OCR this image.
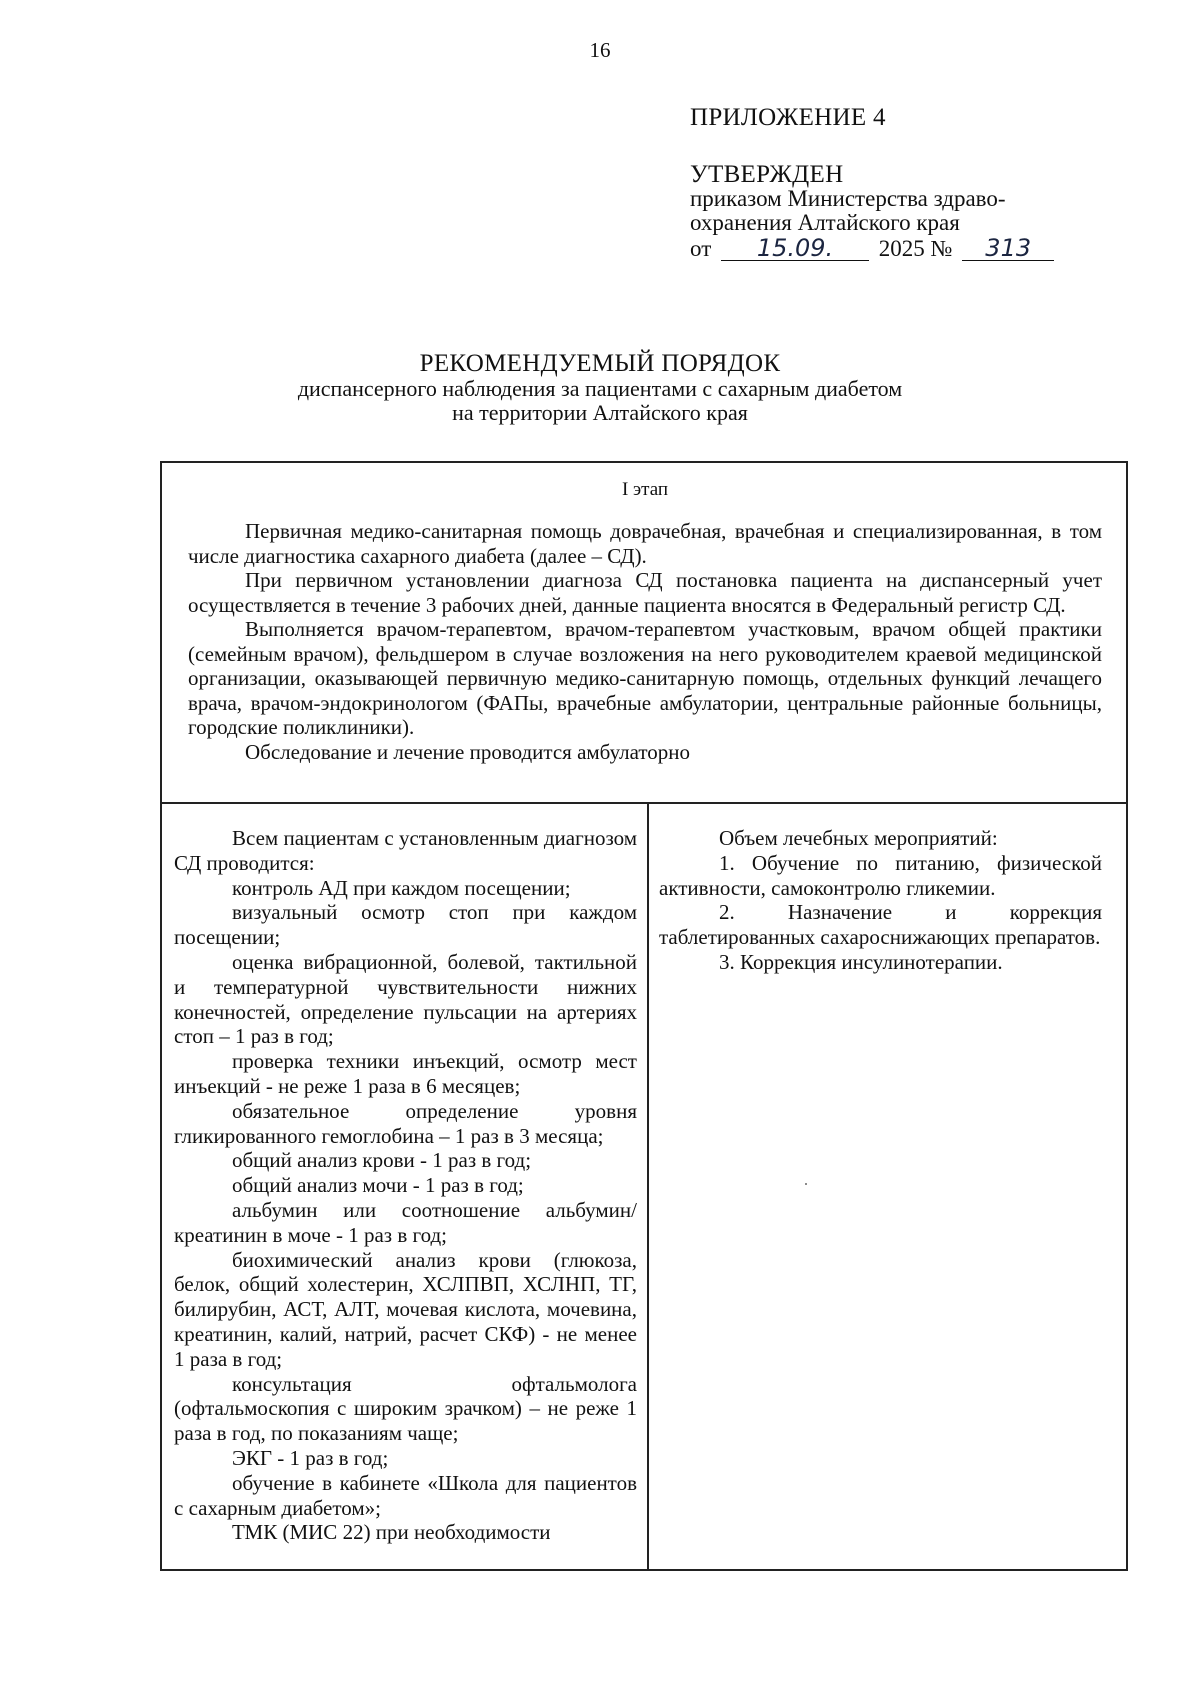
16
ПРИЛОЖЕНИЕ 4
УТВЕРЖДЕН
приказом Министерства здраво-
охранения Алтайского края
от 15.09. 2025 № 313
РЕКОМЕНДУЕМЫЙ ПОРЯДОК
диспансерного наблюдения за пациентами с сахарным диабетом
на территории Алтайского края
I этап

Первичная медико-санитарная помощь доврачебная, врачебная и специализированная, в том числе диагностика сахарного диабета (далее – СД).

При первичном установлении диагноза СД постановка пациента на диспансерный учет осуществляется в течение 3 рабочих дней, данные пациента вносятся в Федеральный регистр СД.

Выполняется врачом-терапевтом, врачом-терапевтом участковым, врачом общей практики (семейным врачом), фельдшером в случае возложения на него руководителем краевой медицинской организации, оказывающей первичную медико-санитарную помощь, отдельных функций лечащего врача, врачом-эндокринологом (ФАПы, врачебные амбулатории, центральные районные больницы, городские поликлиники).

Обследование и лечение проводится амбулаторно

Всем пациентам с установленным диагнозом СД проводится:

контроль АД при каждом посещении;

визуальный осмотр стоп при каждом посещении;

оценка вибрационной, болевой, тактильной и температурной чувствительности нижних конечностей, определение пульсации на артериях стоп – 1 раз в год;

проверка техники инъекций, осмотр мест инъекций - не реже 1 раза в 6 месяцев;

обязательное определение уровня гликированного гемоглобина – 1 раз в 3 месяца;

общий анализ крови - 1 раз в год;

общий анализ мочи - 1 раз в год;

альбумин или соотношение альбумин/креатинин в моче - 1 раз в год;

биохимический анализ крови (глюкоза, белок, общий холестерин, ХСЛПВП, ХСЛНП, ТГ, билирубин, АСТ, АЛТ, мочевая кислота, мочевина, креатинин, калий, натрий, расчет СКФ) - не менее 1 раза в год;

консультация офтальмолога (офтальмоскопия с широким зрачком) – не реже 1 раза в год, по показаниям чаще;

ЭКГ - 1 раз в год;

обучение в кабинете «Школа для пациентов с сахарным диабетом»;

ТМК (МИС 22) при необходимости

Объем лечебных мероприятий:

1. Обучение по питанию, физической активности, самоконтролю гликемии.

2. Назначение и коррекция таблетированных сахароснижающих препаратов.

3. Коррекция инсулинотерапии.
